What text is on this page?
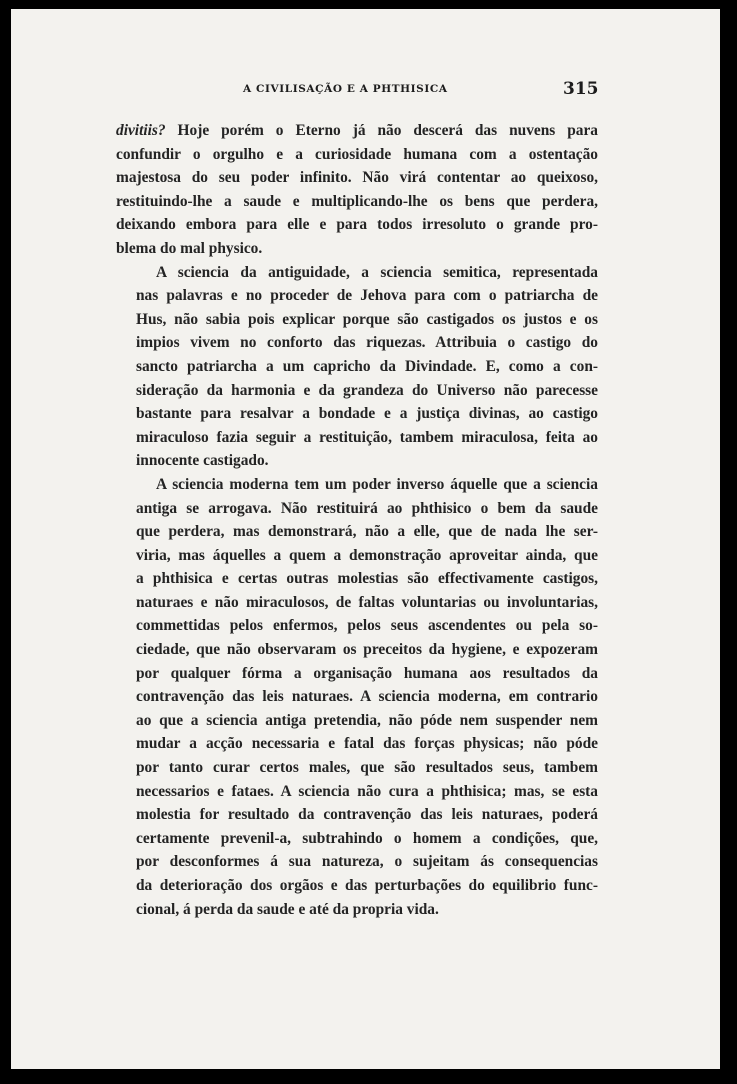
A CIVILISAÇÃO E A PHTHISICA	315

divitiis? Hoje porém o Eterno já não descerá das nuvens para
confundir o orgulho e a curiosidade humana com a ostentação
majestosa do seu poder infinito. Não virá contentar ao queixoso,
restituindo-lhe a saude e multiplicando-lhe os bens que perdera,
deixando embora para elle e para todos irresoluto o grande pro-
blema do mal physico.

A sciencia da antiguidade, a sciencia semitica, representada
nas palavras e no proceder de Jehova para com o patriarcha de
Hus, não sabia pois explicar porque são castigados os justos e os
impios vivem no conforto das riquezas. Attribuia o castigo do
sancto patriarcha a um capricho da Divindade. E, como a con-
sideração da harmonia e da grandeza do Universo não parecesse
bastante para resalvar a bondade e a justiça divinas, ao castigo
miraculoso fazia seguir a restituição, tambem miraculosa, feita ao
innocente castigado.

A sciencia moderna tem um poder inverso áquelle que a sciencia
antiga se arrogava. Não restituirá ao phthisico o bem da saude
que perdera, mas demonstrará, não a elle, que de nada lhe ser-
viria, mas áquelles a quem a demonstração aproveitar ainda, que
a phthisica e certas outras molestias são effectivamente castigos,
naturaes e não miraculosos, de faltas voluntarias ou involuntarias,
commettidas pelos enfermos, pelos seus ascendentes ou pela so-
ciedade, que não observaram os preceitos da hygiene, e expozeram
por qualquer fórma a organisação humana aos resultados da
contravenção das leis naturaes. A sciencia moderna, em contrario
ao que a sciencia antiga pretendia, não póde nem suspender nem
mudar a acção necessaria e fatal das forças physicas; não póde
por tanto curar certos males, que são resultados seus, tambem
necessarios e fataes. A sciencia não cura a phthisica; mas, se esta
molestia for resultado da contravenção das leis naturaes, poderá
certamente prevenil-a, subtrahindo o homem a condições, que,
por desconformes á sua natureza, o sujeitam ás consequencias
da deterioração dos orgãos e das perturbações do equilibrio func-
cional, á perda da saude e até da propria vida.
